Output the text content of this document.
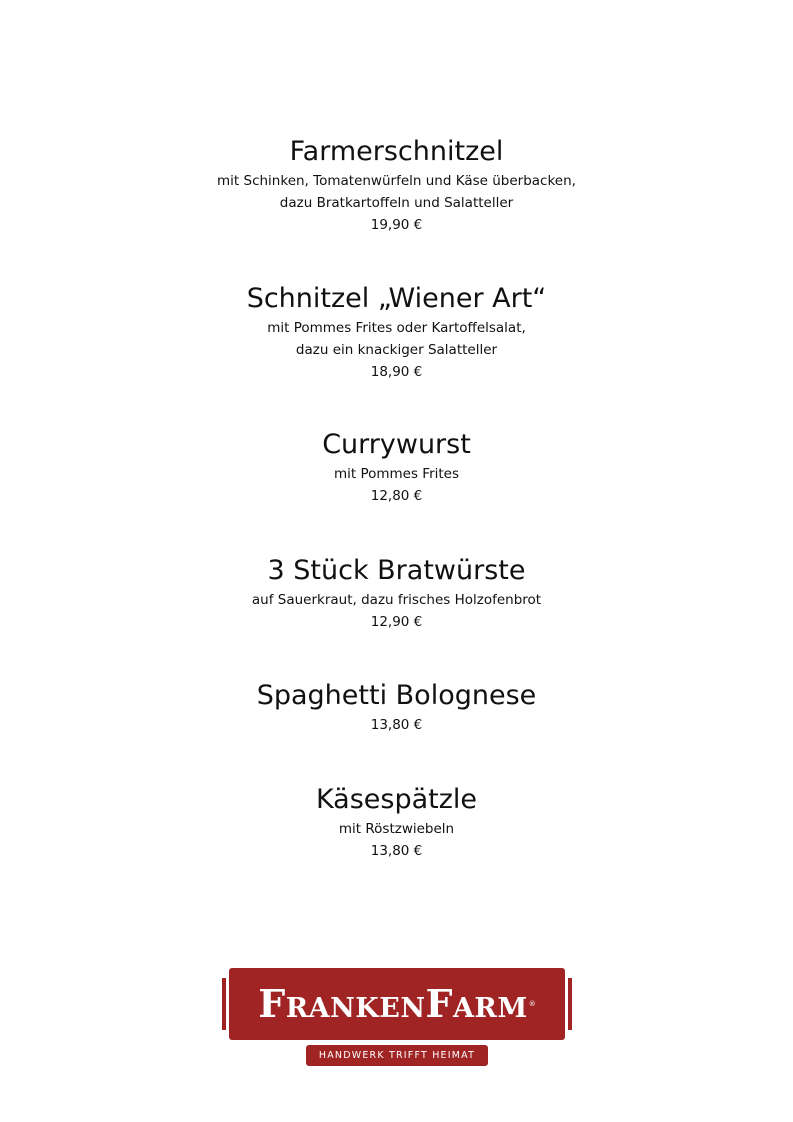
Farmerschnitzel
mit Schinken, Tomatenwürfeln und Käse überbacken,
dazu Bratkartoffeln und Salatteller
19,90 €
Schnitzel „Wiener Art“
mit Pommes Frites oder Kartoffelsalat,
dazu ein knackiger Salatteller
18,90 €
Currywurst
mit Pommes Frites
12,80 €
3 Stück Bratwürste
auf Sauerkraut, dazu frisches Holzofenbrot
12,90 €
Spaghetti Bolognese
13,80 €
Käsespätzle
mit Röstzwiebeln
13,80 €
FrankenFarm ®
HANDWERK TRIFFT HEIMAT
